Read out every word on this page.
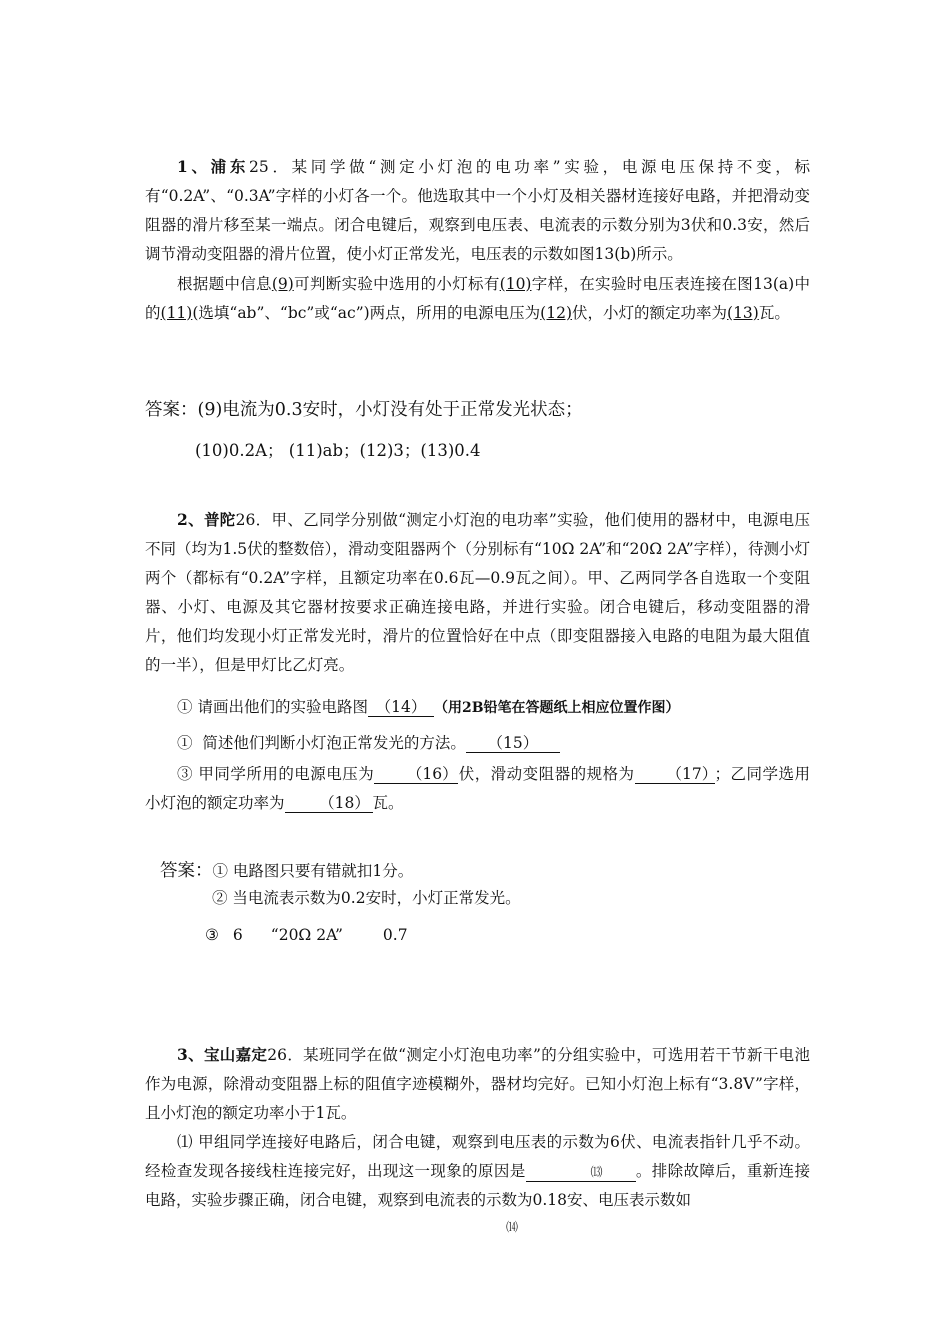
1、浦东25．某同学做“测定小灯泡的电功率”实验，电源电压保持不变，标有“0.2A”、“0.3A”字样的小灯各一个。他选取其中一个小灯及相关器材连接好电路，并把滑动变阻器的滑片移至某一端点。闭合电键后，观察到电压表、电流表的示数分别为3伏和0.3安，然后调节滑动变阻器的滑片位置，使小灯正常发光，电压表的示数如图13(b)所示。

根据题中信息(9)可判断实验中选用的小灯标有(10)字样，在实验时电压表连接在图13(a)中的(11)(选填“ab”、“bc”或“ac”)两点，所用的电源电压为(12)伏，小灯的额定功率为(13)瓦。

答案：(9)电流为0.3安时，小灯没有处于正常发光状态；

(10)0.2A； (11)ab；(12)3；(13)0.4

2、普陀26．甲、乙同学分别做“测定小灯泡的电功率”实验，他们使用的器材中，电源电压不同（均为1.5伏的整数倍），滑动变阻器两个（分别标有“10Ω 2A”和“20Ω 2A”字样），待测小灯两个（都标有“0.2A”字样，且额定功率在0.6瓦—0.9瓦之间）。甲、乙两同学各自选取一个变阻器、小灯、电源及其它器材按要求正确连接电路，并进行实验。闭合电键后，移动变阻器的滑片，他们均发现小灯正常发光时，滑片的位置恰好在中点（即变阻器接入电路的电阻为最大阻值的一半），但是甲灯比乙灯亮。

① 请画出他们的实验电路图 （14） （用2B铅笔在答题纸上相应位置作图）

① 简述他们判断小灯泡正常发光的方法。 （15）

③ 甲同学所用的电源电压为 （16）伏，滑动变阻器的规格为 （17）；乙同学选用小灯泡的额定功率为 （18） 瓦。

答案：① 电路图只要有错就扣1分。

② 当电流表示数为0.2安时，小灯正常发光。

③ 6 “20Ω 2A”	0.7

3、宝山嘉定26．某班同学在做“测定小灯泡电功率”的分组实验中，可选用若干节新干电池作为电源，除滑动变阻器上标的阻值字迹模糊外，器材均完好。已知小灯泡上标有“3.8V”字样，且小灯泡的额定功率小于1瓦。

⑴ 甲组同学连接好电路后，闭合电键，观察到电压表的示数为6伏、电流表指针几乎不动。经检查发现各接线柱连接完好，出现这一现象的原因是	⒀ 。排除故障后，重新连接电路，实验步骤正确，闭合电键，观察到电流表的示数为0.18安、电压表示数如

⒁
